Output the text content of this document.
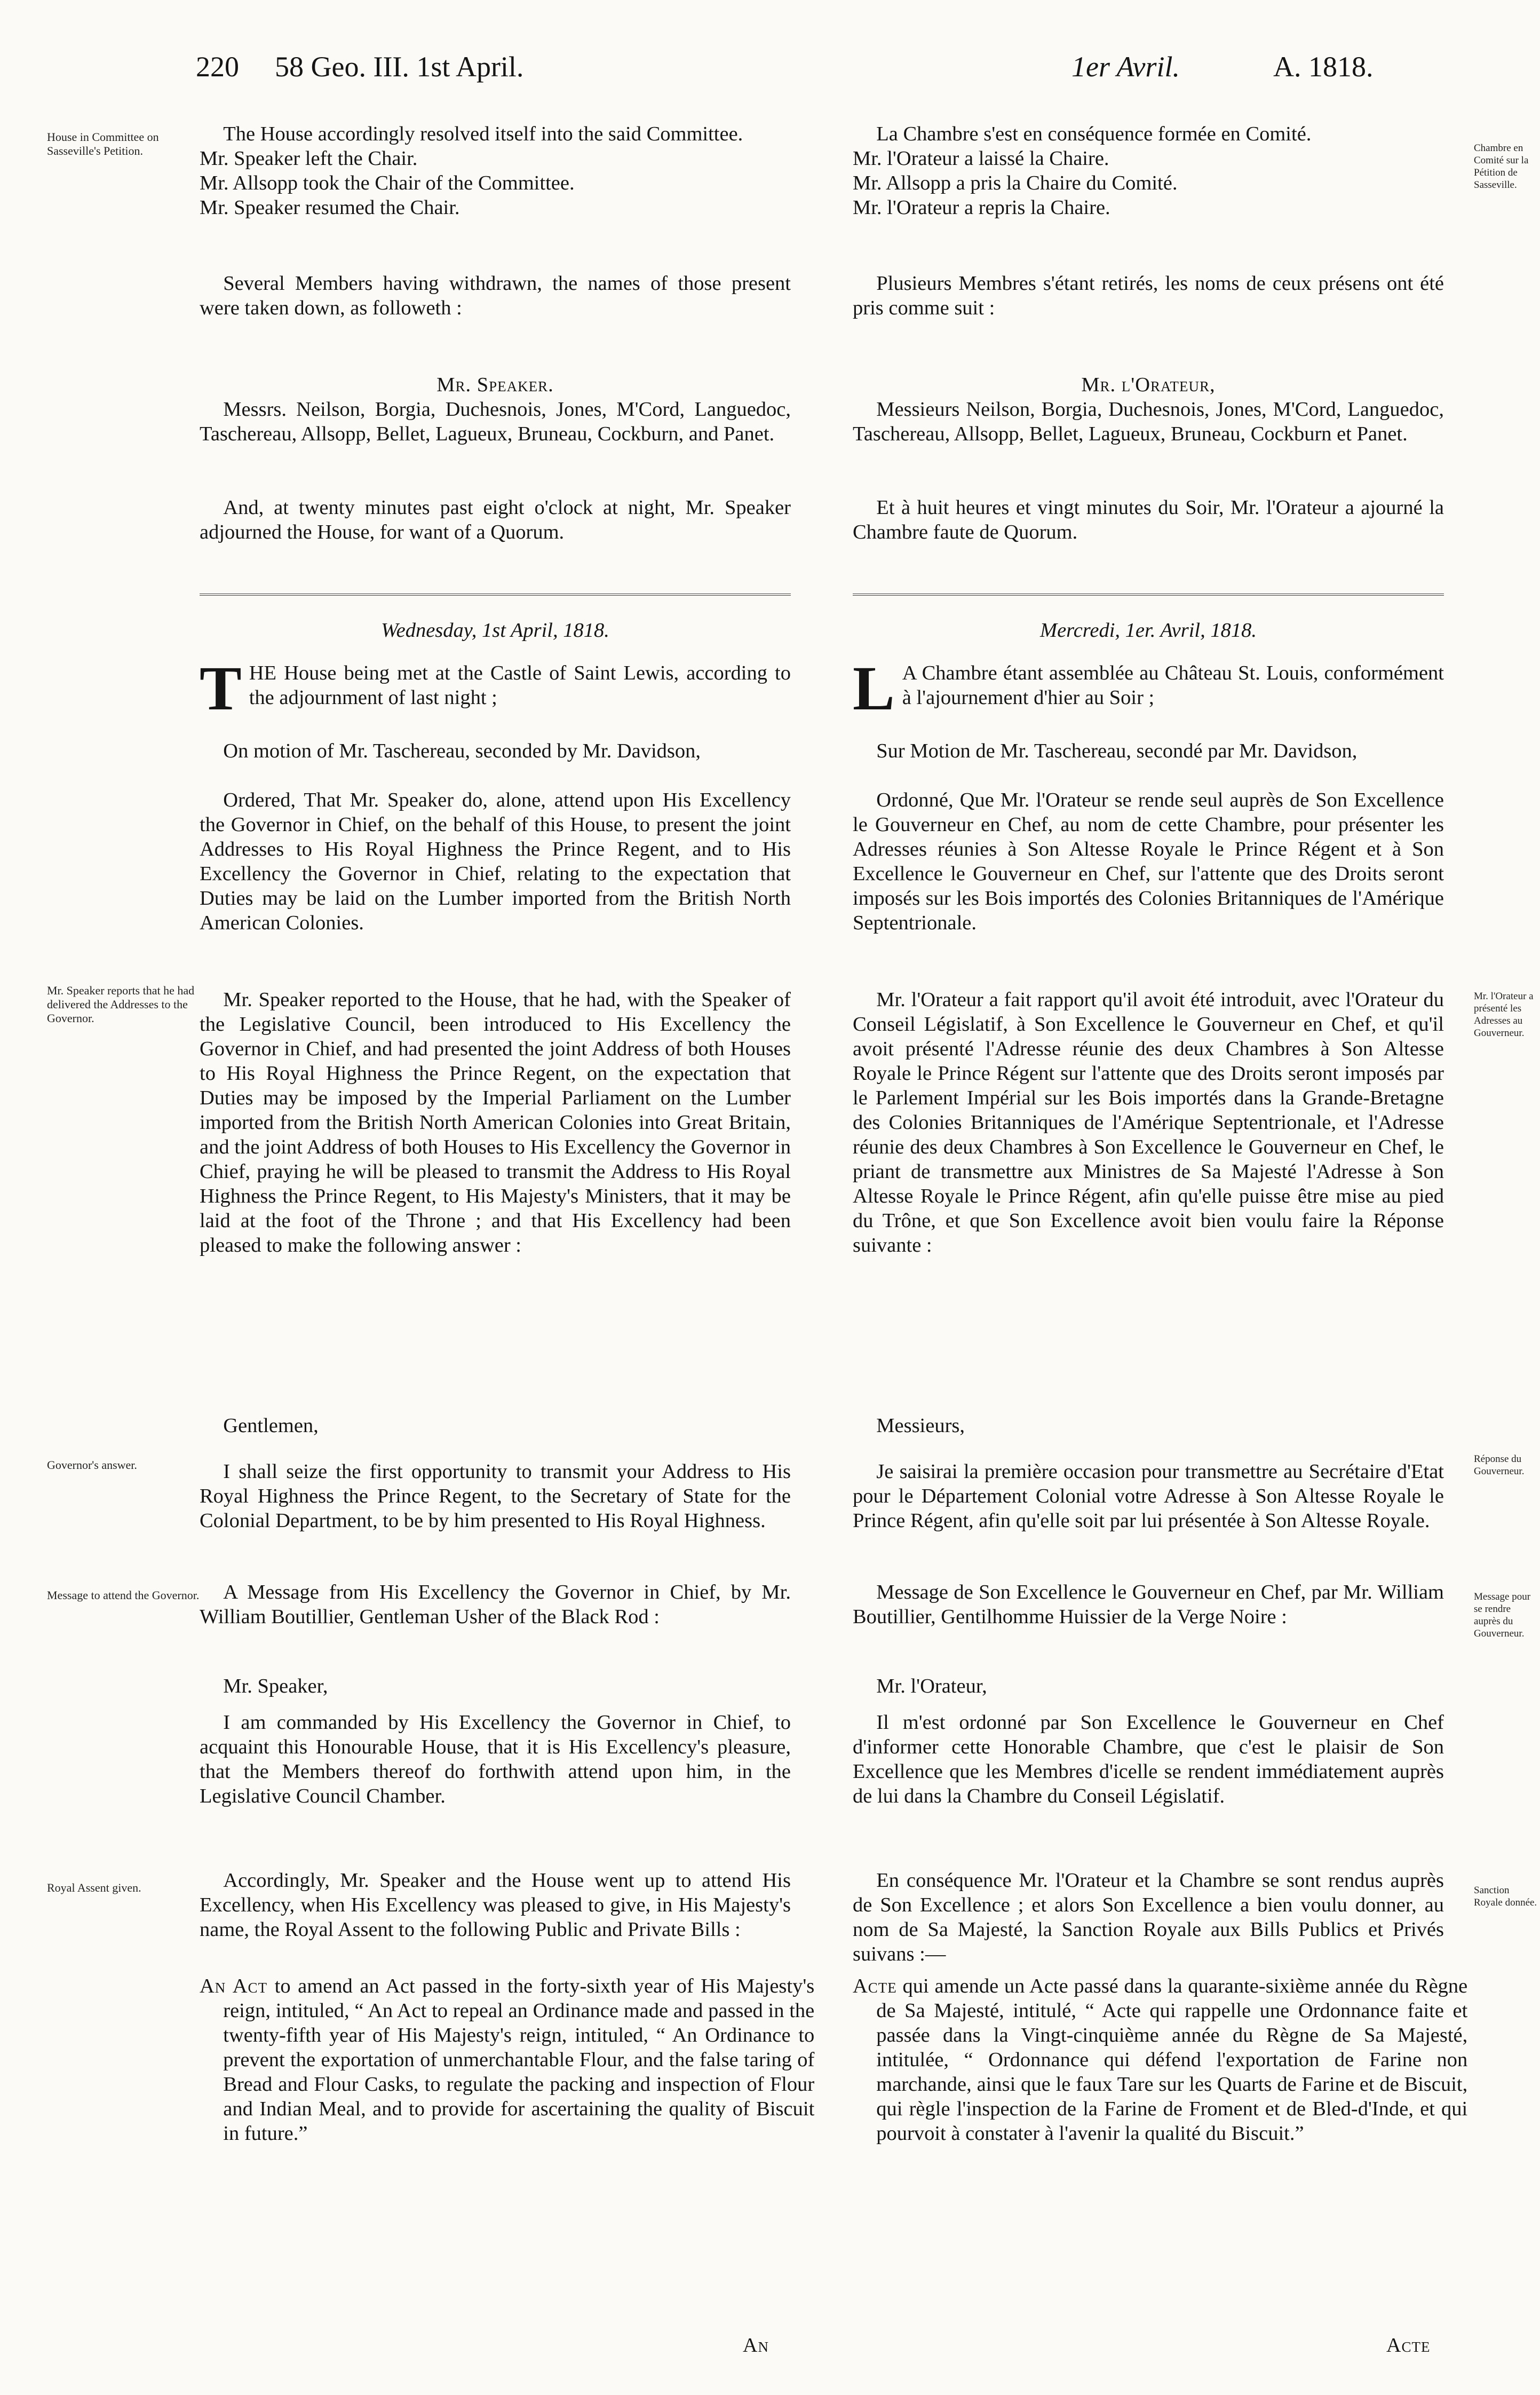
220 58 Geo. III. 1st April.	1er Avril.	A. 1818.
House in Committee on Sasseville's Petition.
Mr. Speaker reports that he had delivered the Addresses to the Governor.
Governor's answer.
Message to attend the Governor.
Royal Assent given.
Chambre en Comité sur la Pétition de Sasseville.
Mr. l'Orateur a présenté les Adresses au Gouverneur.
Réponse du Gouverneur.
Message pour se rendre auprès du Gouverneur.
Sanction Royale donnée.

The House accordingly resolved itself into the said Committee.

Mr. Speaker left the Chair.

Mr. Allsopp took the Chair of the Committee.

Mr. Speaker resumed the Chair.

Several Members having withdrawn, the names of those present were taken down, as followeth :

Mr. Speaker.

Messrs. Neilson, Borgia, Duchesnois, Jones, M'Cord, Languedoc, Taschereau, Allsopp, Bellet, Lagueux, Bruneau, Cockburn, and Panet.

And, at twenty minutes past eight o'clock at night, Mr. Speaker adjourned the House, for want of a Quorum.

Wednesday, 1st April, 1818.

THE House being met at the Castle of Saint Lewis, according to the adjournment of last night ;

On motion of Mr. Taschereau, seconded by Mr. Davidson,

Ordered, That Mr. Speaker do, alone, attend upon His Excellency the Governor in Chief, on the behalf of this House, to present the joint Addresses to His Royal Highness the Prince Regent, and to His Excellency the Governor in Chief, relating to the expectation that Duties may be laid on the Lumber imported from the British North American Colonies.

Mr. Speaker reported to the House, that he had, with the Speaker of the Legislative Council, been introduced to His Excellency the Governor in Chief, and had presented the joint Address of both Houses to His Royal Highness the Prince Regent, on the expectation that Duties may be imposed by the Imperial Parliament on the Lumber imported from the British North American Colonies into Great Britain, and the joint Address of both Houses to His Excellency the Governor in Chief, praying he will be pleased to transmit the Address to His Royal Highness the Prince Regent, to His Majesty's Ministers, that it may be laid at the foot of the Throne ; and that His Excellency had been pleased to make the following answer :

Gentlemen,

I shall seize the first opportunity to transmit your Address to His Royal Highness the Prince Regent, to the Secretary of State for the Colonial Department, to be by him presented to His Royal Highness.

A Message from His Excellency the Governor in Chief, by Mr. William Boutillier, Gentleman Usher of the Black Rod :

Mr. Speaker,

I am commanded by His Excellency the Governor in Chief, to acquaint this Honourable House, that it is His Excellency's pleasure, that the Members thereof do forthwith attend upon him, in the Legislative Council Chamber.

Accordingly, Mr. Speaker and the House went up to attend His Excellency, when His Excellency was pleased to give, in His Majesty's name, the Royal Assent to the following Public and Private Bills :

An Act to amend an Act passed in the forty-sixth year of His Majesty's reign, intituled, “ An Act to repeal an Ordinance made and passed in the twenty-fifth year of His Majesty's reign, intituled, “ An Ordinance to prevent the exportation of unmerchantable Flour, and the false taring of Bread and Flour Casks, to regulate the packing and inspection of Flour and Indian Meal, and to provide for ascertaining the quality of Biscuit in future.”

La Chambre s'est en conséquence formée en Comité.

Mr. l'Orateur a laissé la Chaire.

Mr. Allsopp a pris la Chaire du Comité.

Mr. l'Orateur a repris la Chaire.

Plusieurs Membres s'étant retirés, les noms de ceux présens ont été pris comme suit :

Mr. l'Orateur,

Messieurs Neilson, Borgia, Duchesnois, Jones, M'Cord, Languedoc, Taschereau, Allsopp, Bellet, Lagueux, Bruneau, Cockburn et Panet.

Et à huit heures et vingt minutes du Soir, Mr. l'Orateur a ajourné la Chambre faute de Quorum.

Mercredi, 1er. Avril, 1818.

L A Chambre étant assemblée au Château St. Louis, conformément à l'ajournement d'hier au Soir ;

Sur Motion de Mr. Taschereau, secondé par Mr. Davidson,

Ordonné, Que Mr. l'Orateur se rende seul auprès de Son Excellence le Gouverneur en Chef, au nom de cette Chambre, pour présenter les Adresses réunies à Son Altesse Royale le Prince Régent et à Son Excellence le Gouverneur en Chef, sur l'attente que des Droits seront imposés sur les Bois importés des Colonies Britanniques de l'Amérique Septentrionale.

Mr. l'Orateur a fait rapport qu'il avoit été introduit, avec l'Orateur du Conseil Législatif, à Son Excellence le Gouverneur en Chef, et qu'il avoit présenté l'Adresse réunie des deux Chambres à Son Altesse Royale le Prince Régent sur l'attente que des Droits seront imposés par le Parlement Impérial sur les Bois importés dans la Grande-Bretagne des Colonies Britanniques de l'Amérique Septentrionale, et l'Adresse réunie des deux Chambres à Son Excellence le Gouverneur en Chef, le priant de transmettre aux Ministres de Sa Majesté l'Adresse à Son Altesse Royale le Prince Régent, afin qu'elle puisse être mise au pied du Trône, et que Son Excellence avoit bien voulu faire la Réponse suivante :

Messieurs,

Je saisirai la première occasion pour transmettre au Secrétaire d'Etat pour le Département Colonial votre Adresse à Son Altesse Royale le Prince Régent, afin qu'elle soit par lui présentée à Son Altesse Royale.

Message de Son Excellence le Gouverneur en Chef, par Mr. William Boutillier, Gentilhomme Huissier de la Verge Noire :

Mr. l'Orateur,

Il m'est ordonné par Son Excellence le Gouverneur en Chef d'informer cette Honorable Chambre, que c'est le plaisir de Son Excellence que les Membres d'icelle se rendent immédiatement auprès de lui dans la Chambre du Conseil Législatif.

En conséquence Mr. l'Orateur et la Chambre se sont rendus auprès de Son Excellence ; et alors Son Excellence a bien voulu donner, au nom de Sa Majesté, la Sanction Royale aux Bills Publics et Privés suivans :—

Acte qui amende un Acte passé dans la quarante-sixième année du Règne de Sa Majesté, intitulé, “ Acte qui rappelle une Ordonnance faite et passée dans la Vingt-cinquième année du Règne de Sa Majesté, intitulée, “ Ordonnance qui défend l'exportation de Farine non marchande, ainsi que le faux Tare sur les Quarts de Farine et de Biscuit, qui règle l'inspection de la Farine de Froment et de Bled-d'Inde, et qui pourvoit à constater à l'avenir la qualité du Biscuit.”
An	Acte
